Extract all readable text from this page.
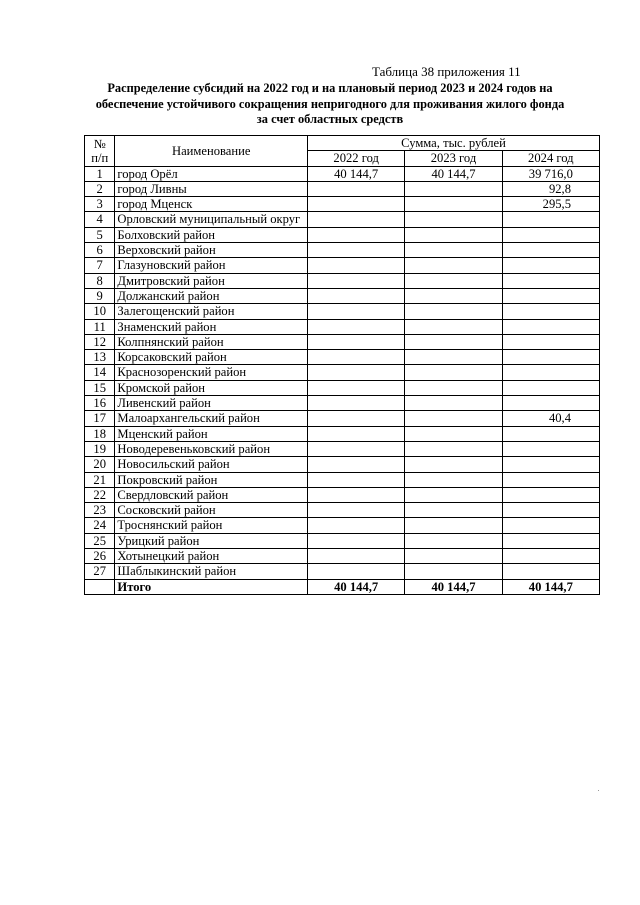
Таблица 38 приложения 11
Распределение субсидий на 2022 год и на плановый период 2023 и 2024 годов на
обеспечение устойчивого сокращения непригодного для проживания жилого фонда
за счет областных средств
№
п/п	Наименование	Сумма, тыс. рублей		
		2022 год	2023 год	2024 год
1	город Орёл	40 144,7	40 144,7	39 716,0
2	город Ливны			92,8
3	город Мценск			295,5
4	Орловский муниципальный округ			
5	Болховский район			
6	Верховский район			
7	Глазуновский район			
8	Дмитровский район			
9	Должанский район			
10	Залегощенский район			
11	Знаменский район			
12	Колпнянский район			
13	Корсаковский район			
14	Краснозоренский район			
15	Кромской район			
16	Ливенский район			
17	Малоархангельский район			40,4
18	Мценский район			
19	Новодеревеньковский район			
20	Новосильский район			
21	Покровский район			
22	Свердловский район			
23	Сосковский район			
24	Троснянский район			
25	Урицкий район			
26	Хотынецкий район			
27	Шаблыкинский район			
	Итого	40 144,7	40 144,7	40 144,7
